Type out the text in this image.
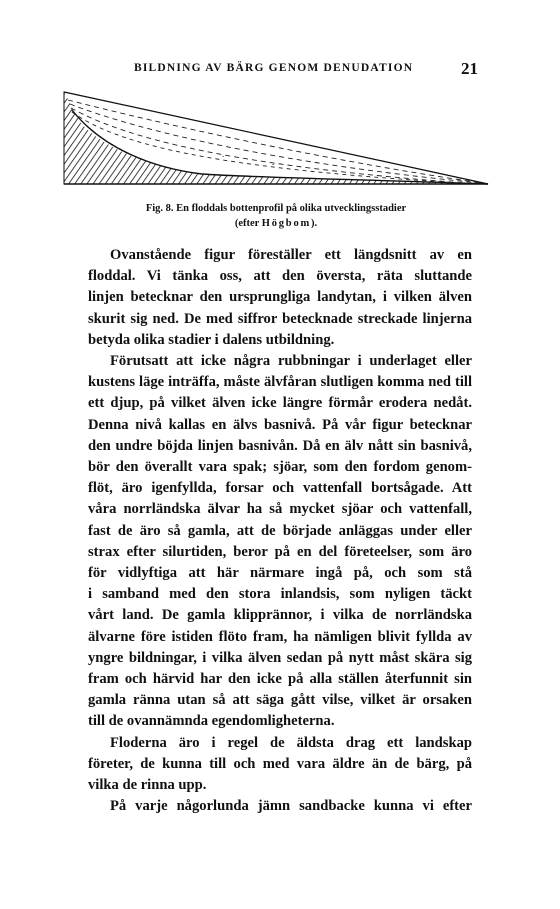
BILDNING AV BÄRG GENOM DENUDATION	21
-
-
Fig. 8. En floddals bottenprofil på olika utvecklingsstadier
(efter Högbom).
Ovanstående figur föreställer ett längdsnitt av en
floddal. Vi tänka oss, att den översta, räta sluttande
linjen betecknar den ursprungliga landytan, i vilken älven
skurit sig ned. De med siffror betecknade streckade linjerna
betyda olika stadier i dalens utbildning.
Förutsatt att icke några rubbningar i underlaget eller
kustens läge inträffa, måste älvfåran slutligen komma ned till
ett djup, på vilket älven icke längre förmår erodera nedåt.
Denna nivå kallas en älvs basnivå. På vår figur betecknar
den undre böjda linjen basnivån. Då en älv nått sin basnivå,
bör den överallt vara spak; sjöar, som den fordom genom-
flöt, äro igenfyllda, forsar och vattenfall bortsågade. Att
våra norrländska älvar ha så mycket sjöar och vattenfall,
fast de äro så gamla, att de började anläggas under eller
strax efter silurtiden, beror på en del företeelser, som äro
för vidlyftiga att här närmare ingå på, och som stå
i samband med den stora inlandsis, som nyligen täckt
vårt land. De gamla klipprännor, i vilka de norrländska
älvarne före istiden flöto fram, ha nämligen blivit fyllda av
yngre bildningar, i vilka älven sedan på nytt måst skära sig
fram och härvid har den icke på alla ställen återfunnit sin
gamla ränna utan så att säga gått vilse, vilket är orsaken
till de ovannämnda egendomligheterna.
Floderna äro i regel de äldsta drag ett landskap
företer, de kunna till och med vara äldre än de bärg, på
vilka de rinna upp.
På varje någorlunda jämn sandbacke kunna vi efter
